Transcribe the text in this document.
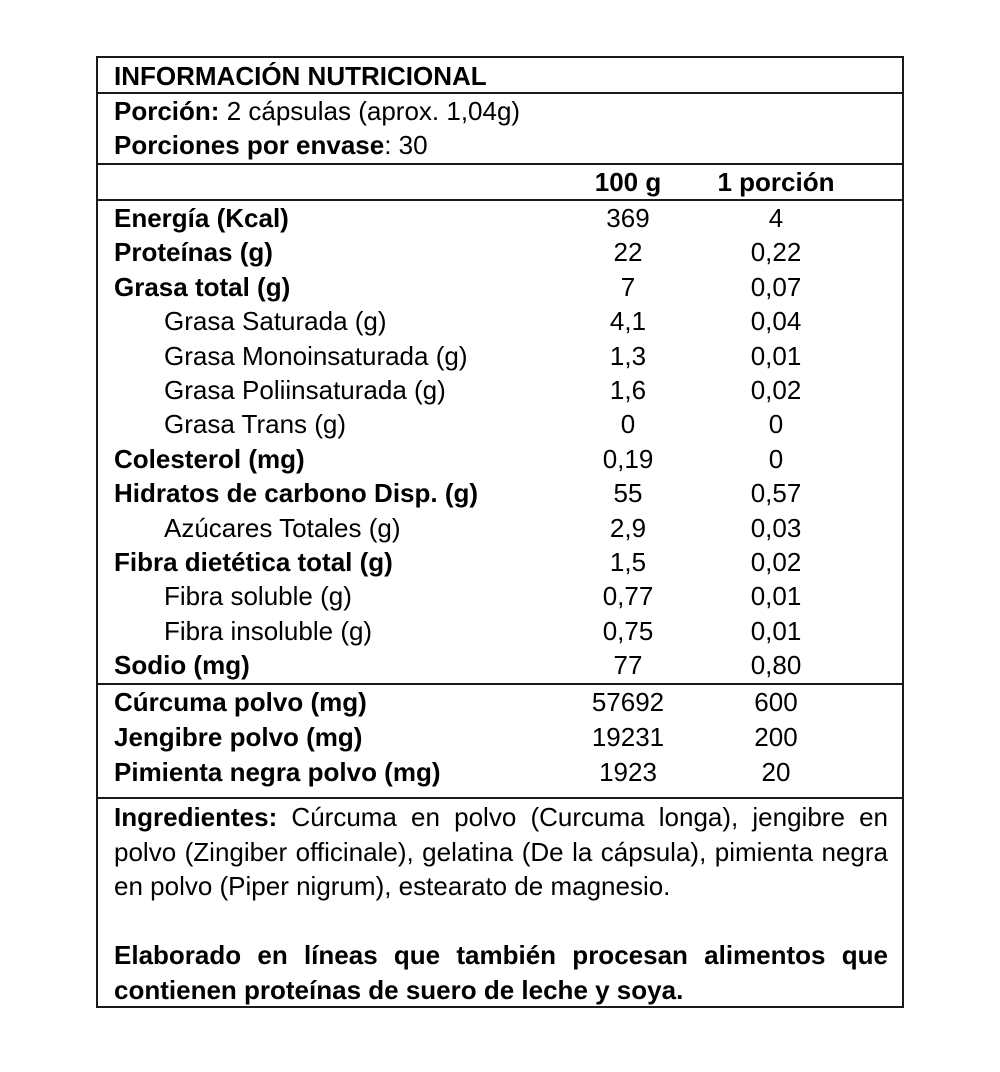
INFORMACIÓN NUTRICIONAL
Porción: 2 cápsulas (aprox. 1,04g)
Porciones por envase: 30
100 g	1 porción
Energía (Kcal)	369	4
Proteínas (g)	22	0,22
Grasa total (g)	7	0,07
Grasa Saturada (g)	4,1	0,04
Grasa Monoinsaturada (g)	1,3	0,01
Grasa Poliinsaturada (g)	1,6	0,02
Grasa Trans (g)	0	0
Colesterol (mg)	0,19	0
Hidratos de carbono Disp. (g)	55	0,57
Azúcares Totales (g)	2,9	0,03
Fibra dietética total (g)	1,5	0,02
Fibra soluble (g)	0,77	0,01
Fibra insoluble (g)	0,75	0,01
Sodio (mg)	77	0,80
Cúrcuma polvo (mg)	57692	600
Jengibre polvo (mg)	19231	200
Pimienta negra polvo (mg)	1923	20
Ingredientes: Cúrcuma en polvo (Curcuma longa), jengibre en polvo (Zingiber officinale), gelatina (De la cápsula), pimienta negra en polvo (Piper nigrum), estearato de magnesio.
Elaborado en líneas que también procesan alimentos que contienen proteínas de suero de leche y soya.
